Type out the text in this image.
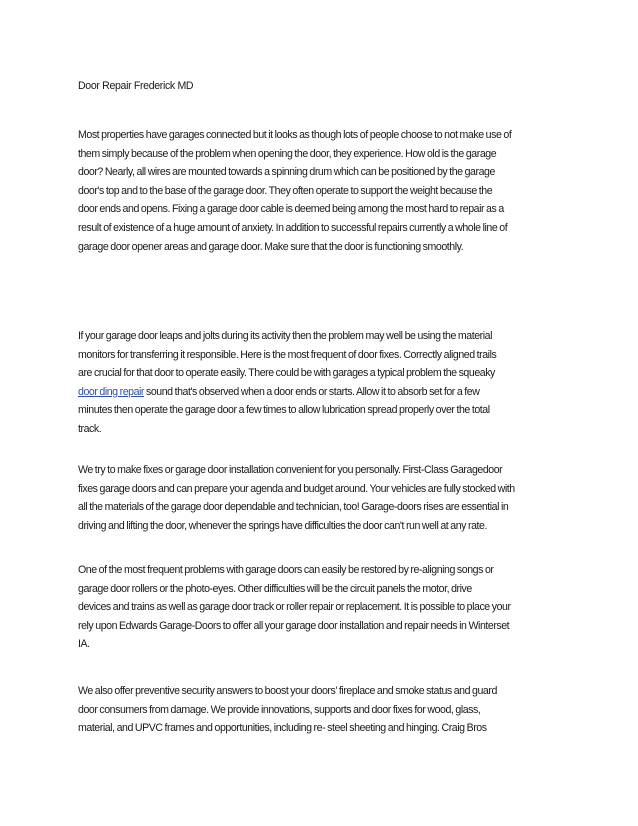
Door Repair Frederick MD
Most properties have garages connected but it looks as though lots of people choose to not make use of
them simply because of the problem when opening the door, they experience. How old is the garage
door? Nearly, all wires are mounted towards a spinning drum which can be positioned by the garage
door's top and to the base of the garage door. They often operate to support the weight because the
door ends and opens. Fixing a garage door cable is deemed being among the most hard to repair as a
result of existence of a huge amount of anxiety. In addition to successful repairs currently a whole line of
garage door opener areas and garage door. Make sure that the door is functioning smoothly.
If your garage door leaps and jolts during its activity then the problem may well be using the material
monitors for transferring it responsible. Here is the most frequent of door fixes. Correctly aligned trails
are crucial for that door to operate easily. There could be with garages a typical problem the squeaky
door ding repair sound that's observed when a door ends or starts. Allow it to absorb set for a few
minutes then operate the garage door a few times to allow lubrication spread properly over the total
track.
We try to make fixes or garage door installation convenient for you personally. First-Class Garagedoor
fixes garage doors and can prepare your agenda and budget around. Your vehicles are fully stocked with
all the materials of the garage door dependable and technician, too! Garage-doors rises are essential in
driving and lifting the door, whenever the springs have difficulties the door can't run well at any rate.
One of the most frequent problems with garage doors can easily be restored by re-aligning songs or
garage door rollers or the photo-eyes. Other difficulties will be the circuit panels the motor, drive
devices and trains as well as garage door track or roller repair or replacement. It is possible to place your
rely upon Edwards Garage-Doors to offer all your garage door installation and repair needs in Winterset
IA.
We also offer preventive security answers to boost your doors' fireplace and smoke status and guard
door consumers from damage. We provide innovations, supports and door fixes for wood, glass,
material, and UPVC frames and opportunities, including re- steel sheeting and hinging. Craig Bros
